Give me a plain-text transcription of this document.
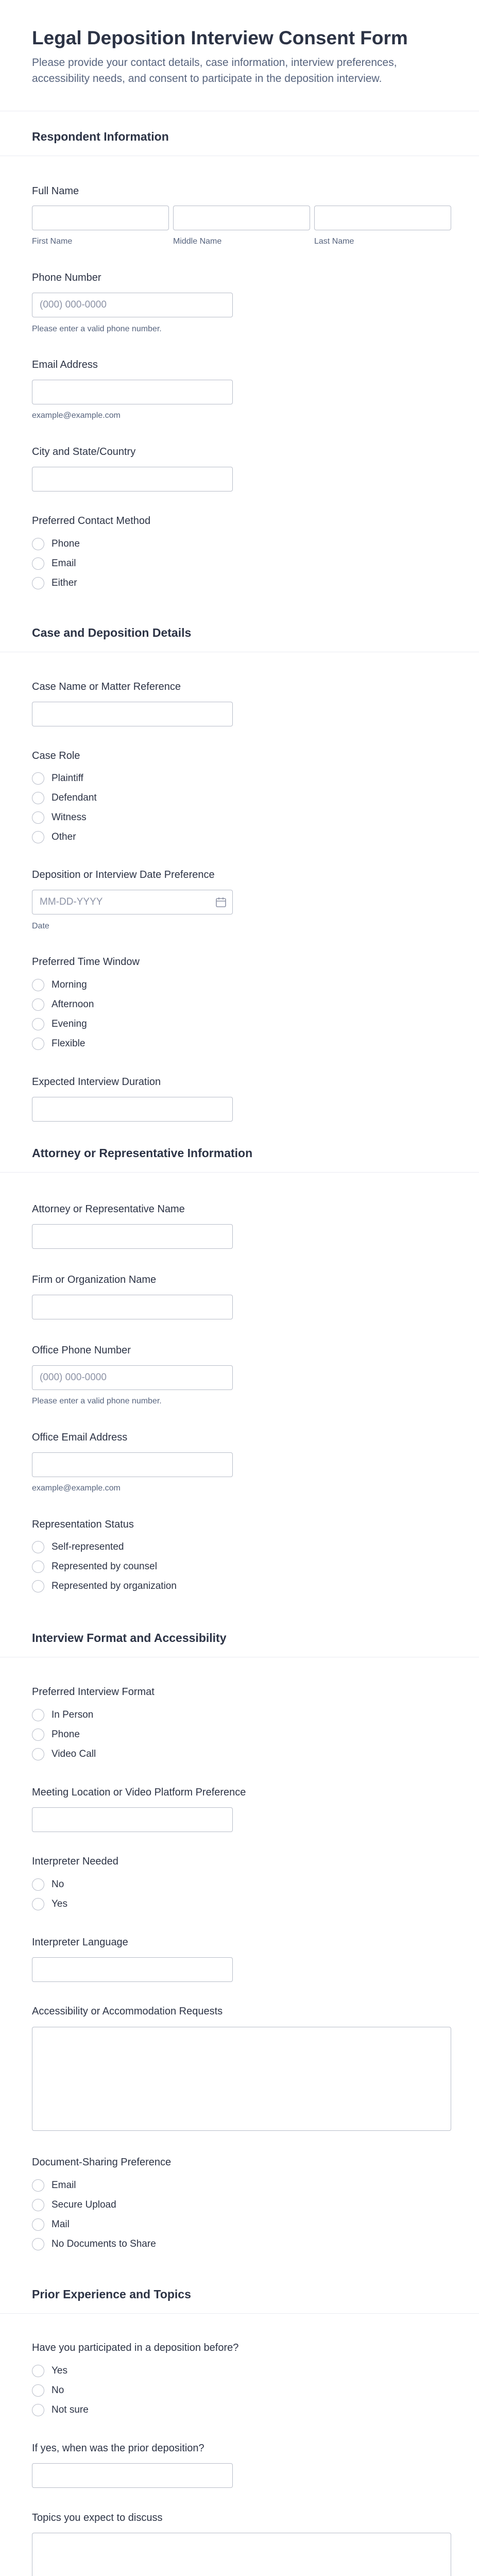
Legal Deposition Interview Consent Form

Please provide your contact details, case information, interview preferences, accessibility needs, and consent to participate in the deposition interview.

Respondent Information
Full Name
First Name	Middle Name	Last Name
Phone Number
(000) 000-0000
Please enter a valid phone number.
Email Address
example@example.com
City and State/Country
Preferred Contact Method
Phone
Email
Either
Case and Deposition Details
Case Name or Matter Reference
Case Role
Plaintiff
Defendant
Witness
Other
Deposition or Interview Date Preference
MM-DD-YYYY
Date
Preferred Time Window
Morning
Afternoon
Evening
Flexible
Expected Interview Duration
Attorney or Representative Information
Attorney or Representative Name
Firm or Organization Name
Office Phone Number
(000) 000-0000
Please enter a valid phone number.
Office Email Address
example@example.com
Representation Status
Self-represented
Represented by counsel
Represented by organization
Interview Format and Accessibility
Preferred Interview Format
In Person
Phone
Video Call
Meeting Location or Video Platform Preference
Interpreter Needed
No
Yes
Interpreter Language
Accessibility or Accommodation Requests
Document-Sharing Preference
Email
Secure Upload
Mail
No Documents to Share
Prior Experience and Topics
Have you participated in a deposition before?
Yes
No
Not sure
If yes, when was the prior deposition?
Topics you expect to discuss
